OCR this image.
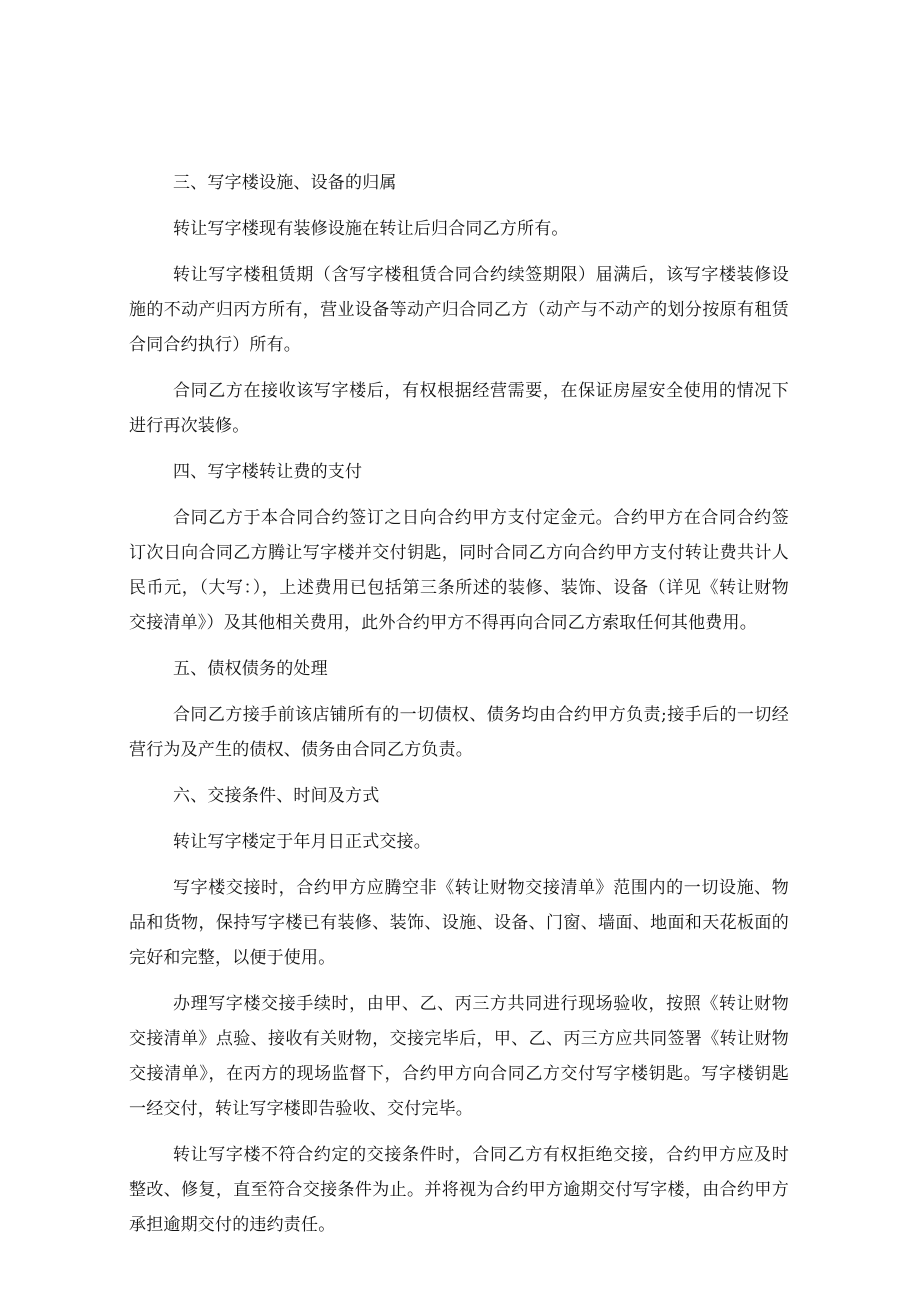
三、写字楼设施、设备的归属

转让写字楼现有装修设施在转让后归合同乙方所有。

转让写字楼租赁期（含写字楼租赁合同合约续签期限）届满后，该写字楼装修设施的不动产归丙方所有，营业设备等动产归合同乙方（动产与不动产的划分按原有租赁合同合约执行）所有。

合同乙方在接收该写字楼后，有权根据经营需要，在保证房屋安全使用的情况下进行再次装修。

四、写字楼转让费的支付

合同乙方于本合同合约签订之日向合约甲方支付定金元。合约甲方在合同合约签订次日向合同乙方腾让写字楼并交付钥匙，同时合同乙方向合约甲方支付转让费共计人民币元，（大写：），上述费用已包括第三条所述的装修、装饰、设备（详见《转让财物交接清单》）及其他相关费用，此外合约甲方不得再向合同乙方索取任何其他费用。

五、债权债务的处理

合同乙方接手前该店铺所有的一切债权、债务均由合约甲方负责;接手后的一切经营行为及产生的债权、债务由合同乙方负责。

六、交接条件、时间及方式

转让写字楼定于年月日正式交接。

写字楼交接时，合约甲方应腾空非《转让财物交接清单》范围内的一切设施、物品和货物，保持写字楼已有装修、装饰、设施、设备、门窗、墙面、地面和天花板面的完好和完整，以便于使用。

办理写字楼交接手续时，由甲、乙、丙三方共同进行现场验收，按照《转让财物交接清单》点验、接收有关财物，交接完毕后，甲、乙、丙三方应共同签署《转让财物交接清单》，在丙方的现场监督下，合约甲方向合同乙方交付写字楼钥匙。写字楼钥匙一经交付，转让写字楼即告验收、交付完毕。

转让写字楼不符合约定的交接条件时，合同乙方有权拒绝交接，合约甲方应及时整改、修复，直至符合交接条件为止。并将视为合约甲方逾期交付写字楼，由合约甲方承担逾期交付的违约责任。
